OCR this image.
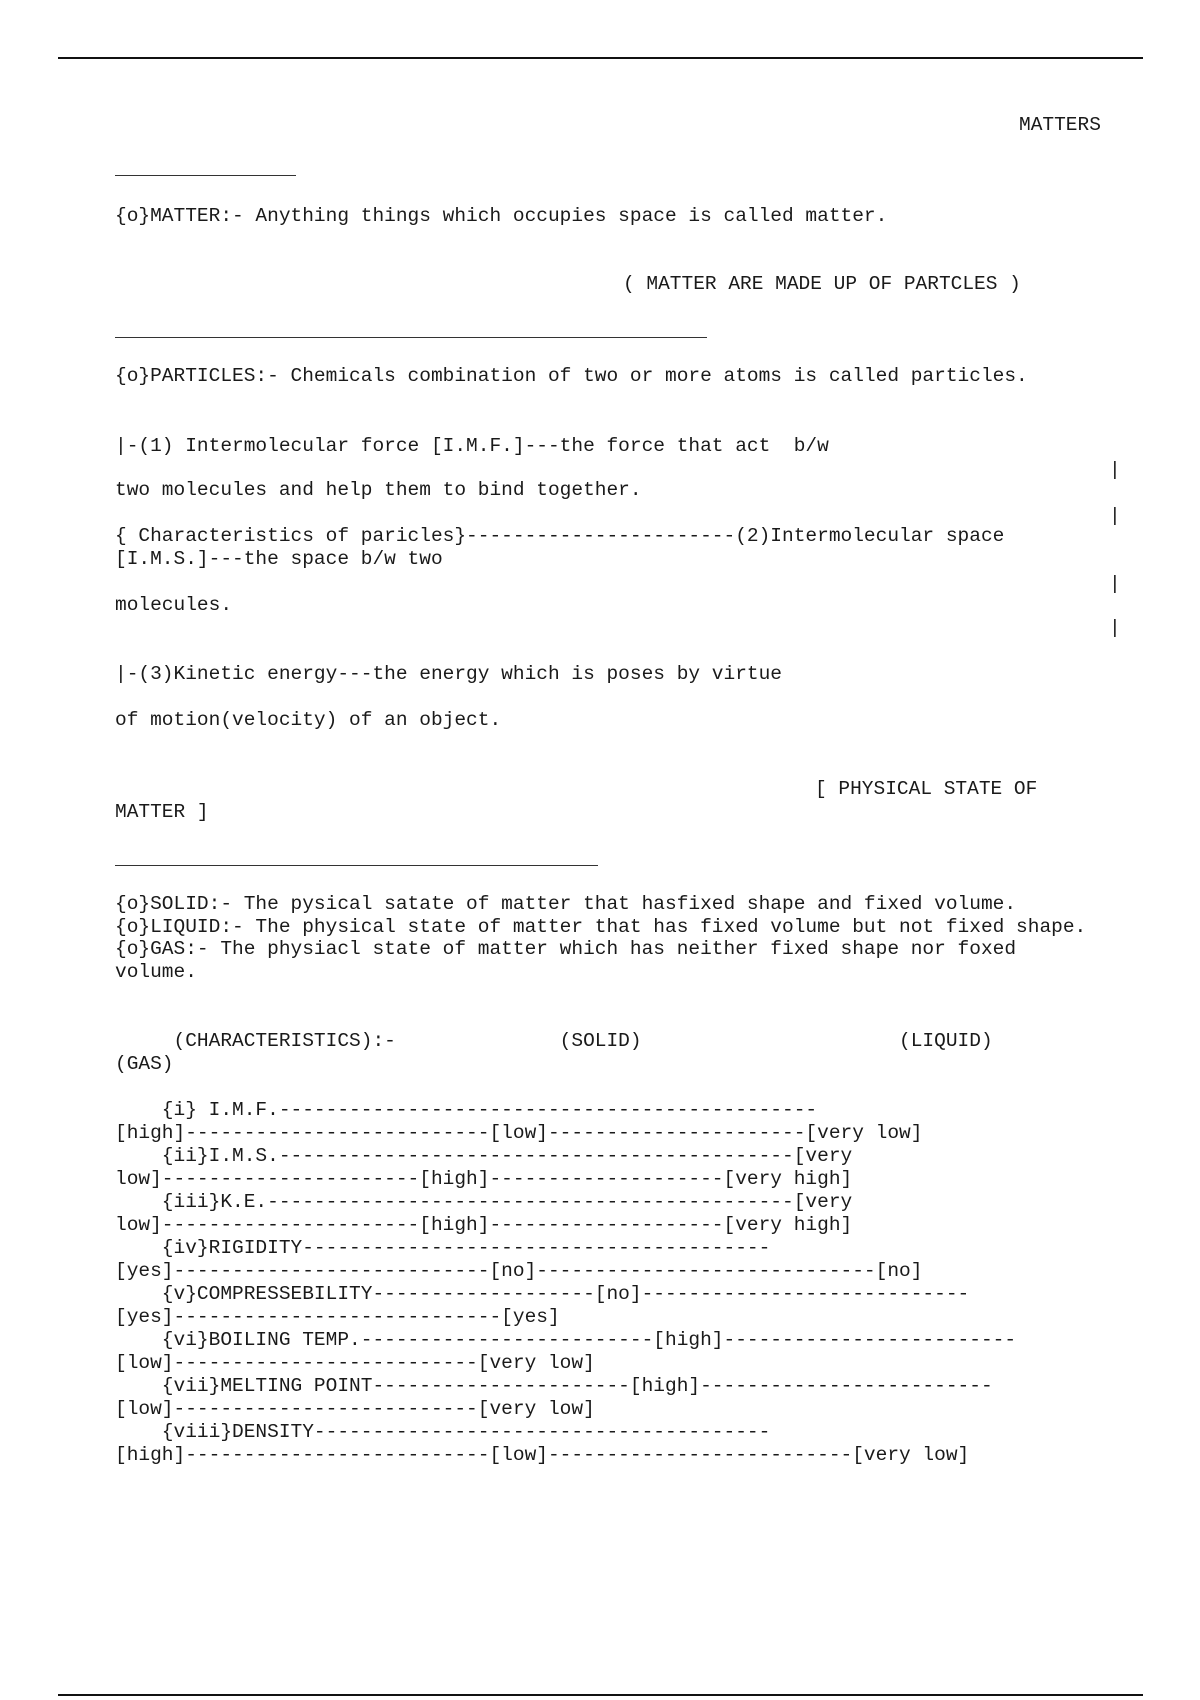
MATTERS
{o}MATTER:- Anything things which occupies space is called matter.
( MATTER ARE MADE UP OF PARTCLES )
{o}PARTICLES:- Chemicals combination of two or more atoms is called particles.
|-(1) Intermolecular force [I.M.F.]---the force that act  b/w
|
two molecules and help them to bind together.
|
{ Characteristics of paricles}-----------------------(2)Intermolecular space
[I.M.S.]---the space b/w two
|
molecules.
|
|-(3)Kinetic energy---the energy which is poses by virtue
of motion(velocity) of an object.
[ PHYSICAL STATE OF
MATTER ]
{o}SOLID:- The pysical satate of matter that hasfixed shape and fixed volume.
{o}LIQUID:- The physical state of matter that has fixed volume but not fixed shape.
{o}GAS:- The physiacl state of matter which has neither fixed shape nor foxed
volume.
(CHARACTERISTICS):-              (SOLID)                      (LIQUID)
(GAS)
{i} I.M.F.----------------------------------------------
[high]--------------------------[low]----------------------[very low]
{ii}I.M.S.--------------------------------------------[very
low]----------------------[high]--------------------[very high]
{iii}K.E.---------------------------------------------[very
low]----------------------[high]--------------------[very high]
{iv}RIGIDITY----------------------------------------
[yes]---------------------------[no]-----------------------------[no]
{v}COMPRESSEBILITY-------------------[no]----------------------------
[yes]----------------------------[yes]
{vi}BOILING TEMP.-------------------------[high]-------------------------
[low]--------------------------[very low]
{vii}MELTING POINT----------------------[high]-------------------------
[low]--------------------------[very low]
{viii}DENSITY---------------------------------------
[high]--------------------------[low]--------------------------[very low]
